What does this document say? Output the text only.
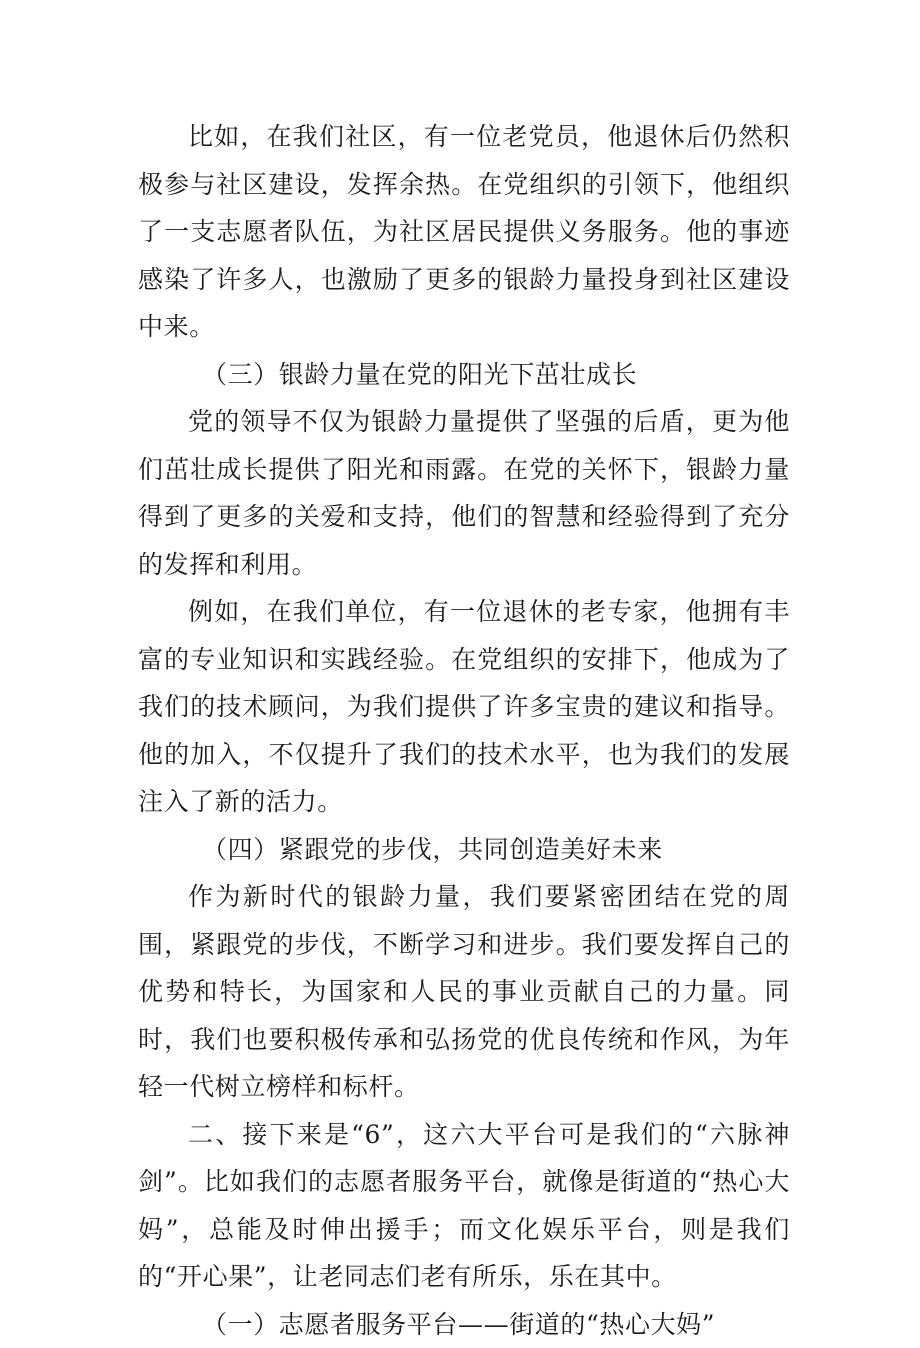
比如，在我们社区，有一位老党员，他退休后仍然积极参与社区建设，发挥余热。在党组织的引领下，他组织了一支志愿者队伍，为社区居民提供义务服务。他的事迹感染了许多人，也激励了更多的银龄力量投身到社区建设中来。

（三）银龄力量在党的阳光下茁壮成长

党的领导不仅为银龄力量提供了坚强的后盾，更为他们茁壮成长提供了阳光和雨露。在党的关怀下，银龄力量得到了更多的关爱和支持，他们的智慧和经验得到了充分的发挥和利用。

例如，在我们单位，有一位退休的老专家，他拥有丰富的专业知识和实践经验。在党组织的安排下，他成为了我们的技术顾问，为我们提供了许多宝贵的建议和指导。他的加入，不仅提升了我们的技术水平，也为我们的发展注入了新的活力。

（四）紧跟党的步伐，共同创造美好未来

作为新时代的银龄力量，我们要紧密团结在党的周围，紧跟党的步伐，不断学习和进步。我们要发挥自己的优势和特长，为国家和人民的事业贡献自己的力量。同时，我们也要积极传承和弘扬党的优良传统和作风，为年轻一代树立榜样和标杆。

二、接下来是“6”，这六大平台可是我们的“六脉神剑”。比如我们的志愿者服务平台，就像是街道的“热心大妈”，总能及时伸出援手；而文化娱乐平台，则是我们的“开心果”，让老同志们老有所乐，乐在其中。

（一）志愿者服务平台——街道的“热心大妈”
